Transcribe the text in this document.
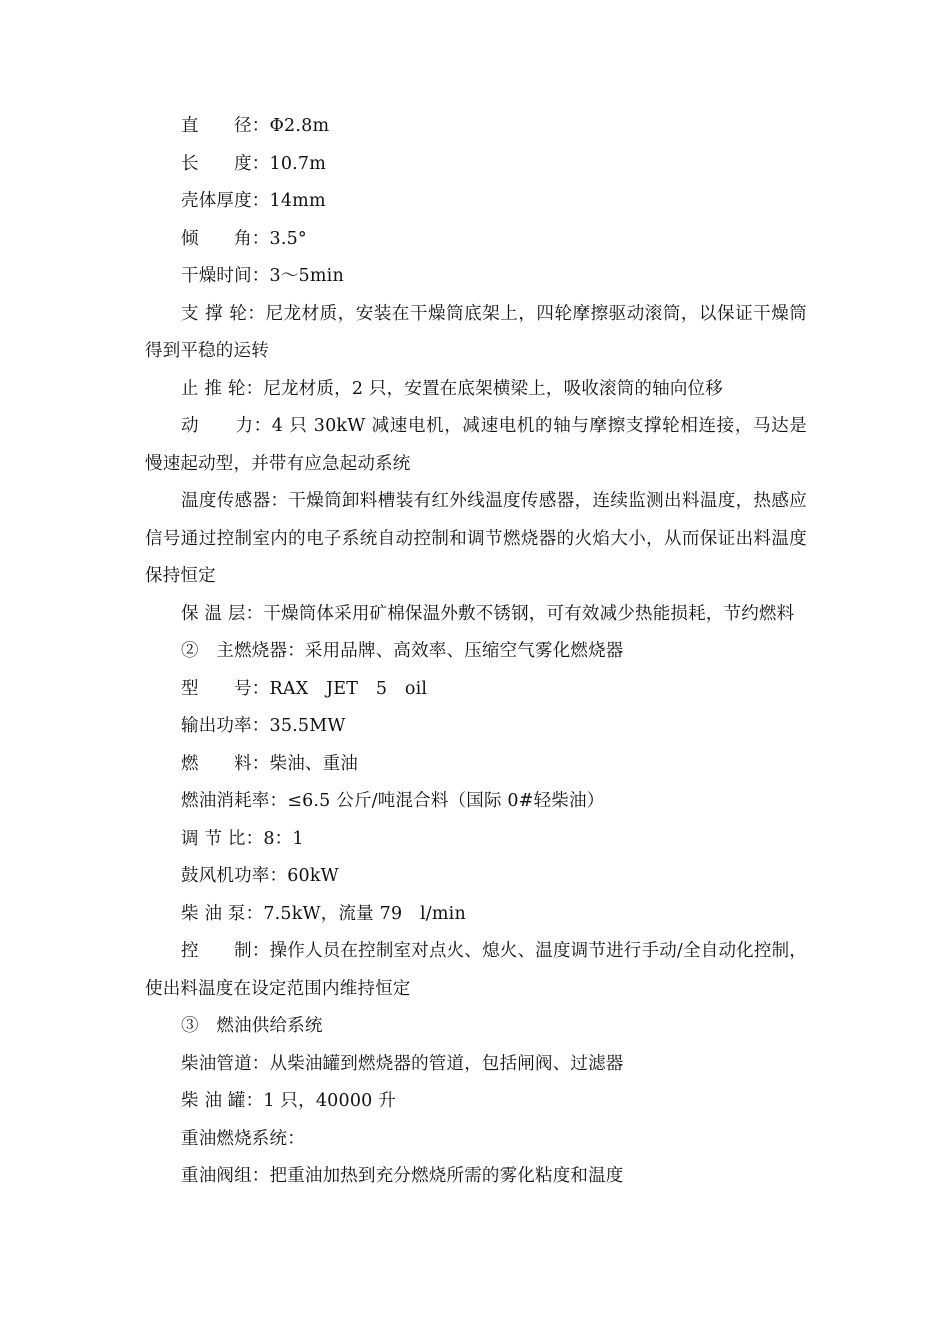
直　　径：Φ2.8m

长　　度：10.7m

壳体厚度：14mm

倾　　角：3.5°

干燥时间：3～5min

支 撑 轮：尼龙材质，安装在干燥筒底架上，四轮摩擦驱动滚筒，以保证干燥筒得到平稳的运转

止 推 轮：尼龙材质，2 只，安置在底架横梁上，吸收滚筒的轴向位移

动　　力：4 只 30kW 减速电机，减速电机的轴与摩擦支撑轮相连接，马达是慢速起动型，并带有应急起动系统

温度传感器：干燥筒卸料槽装有红外线温度传感器，连续监测出料温度，热感应信号通过控制室内的电子系统自动控制和调节燃烧器的火焰大小，从而保证出料温度保持恒定

保 温 层：干燥筒体采用矿棉保温外敷不锈钢，可有效减少热能损耗，节约燃料

②　主燃烧器：采用品牌、高效率、压缩空气雾化燃烧器

型　　号：RAX　JET　5　oil

输出功率：35.5MW

燃　　料：柴油、重油

燃油消耗率：≤6.5 公斤/吨混合料（国际 0#轻柴油）

调 节 比：8：1

鼓风机功率：60kW

柴 油 泵：7.5kW，流量 79　l/min

控　　制：操作人员在控制室对点火、熄火、温度调节进行手动/全自动化控制，使出料温度在设定范围内维持恒定

③　燃油供给系统

柴油管道：从柴油罐到燃烧器的管道，包括闸阀、过滤器

柴 油 罐：1 只，40000 升

重油燃烧系统：

重油阀组：把重油加热到充分燃烧所需的雾化粘度和温度
